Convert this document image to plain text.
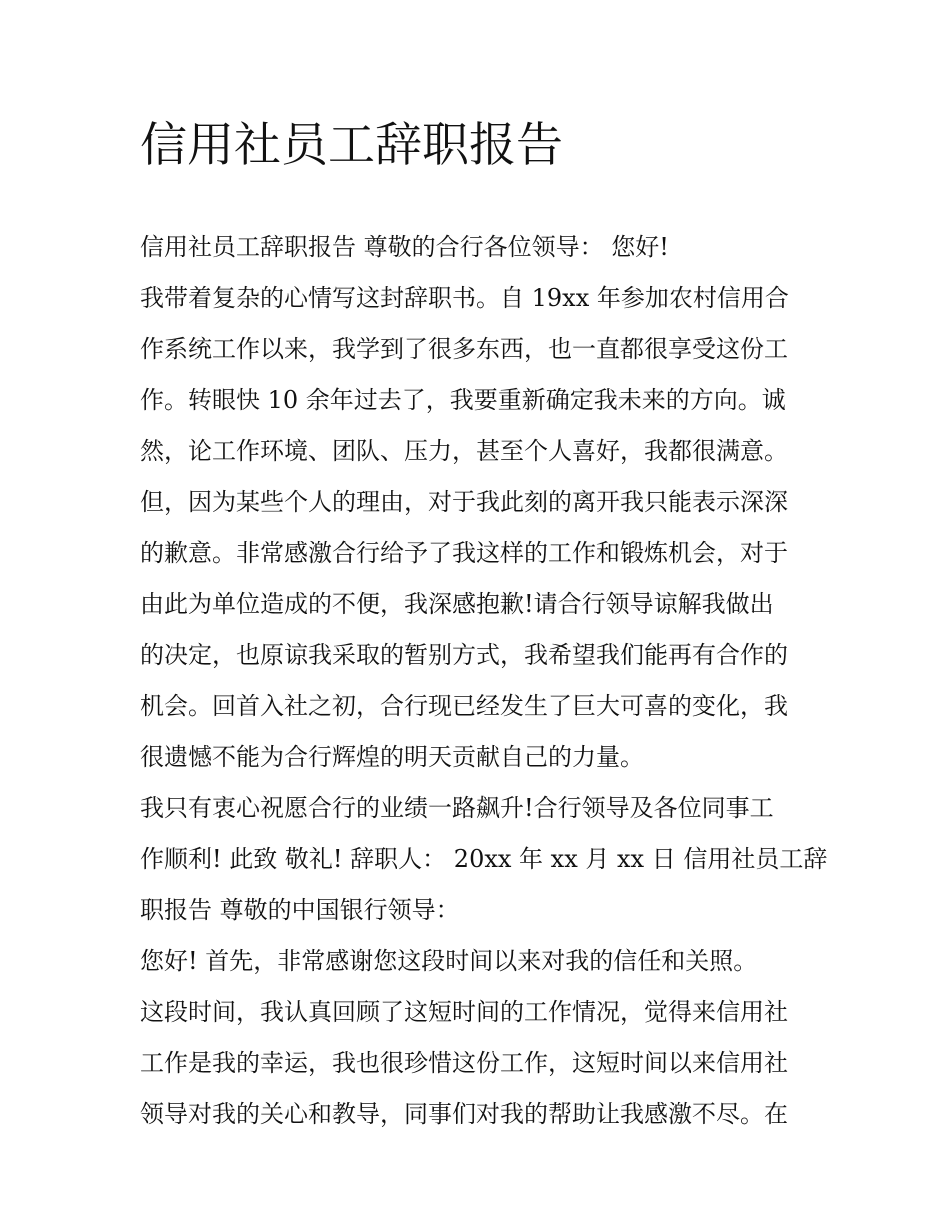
信用社员工辞职报告
信用社员工辞职报告 尊敬的合行各位领导： 您好!
我带着复杂的心情写这封辞职书。自 19xx 年参加农村信用合
作系统工作以来，我学到了很多东西，也一直都很享受这份工
作。转眼快 10 余年过去了，我要重新确定我未来的方向。诚
然，论工作环境、团队、压力，甚至个人喜好，我都很满意。
但，因为某些个人的理由，对于我此刻的离开我只能表示深深
的歉意。非常感激合行给予了我这样的工作和锻炼机会，对于
由此为单位造成的不便，我深感抱歉!请合行领导谅解我做出
的决定，也原谅我采取的暂别方式，我希望我们能再有合作的
机会。回首入社之初，合行现已经发生了巨大可喜的变化，我
很遗憾不能为合行辉煌的明天贡献自己的力量。
我只有衷心祝愿合行的业绩一路飙升!合行领导及各位同事工
作顺利! 此致 敬礼! 辞职人： 20xx 年 xx 月 xx 日 信用社员工辞
职报告 尊敬的中国银行领导：
您好! 首先，非常感谢您这段时间以来对我的信任和关照。
这段时间，我认真回顾了这短时间的工作情况，觉得来信用社
工作是我的幸运，我也很珍惜这份工作，这短时间以来信用社
领导对我的关心和教导，同事们对我的帮助让我感激不尽。在
